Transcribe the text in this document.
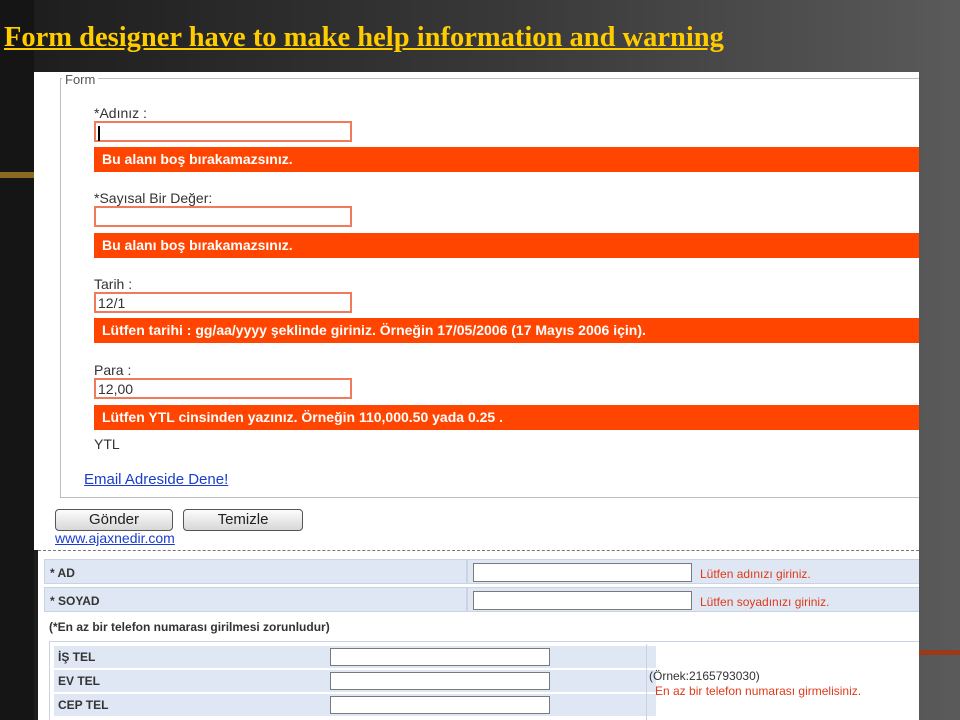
Form designer have to make help information and warning
Form
*Adınız :
Bu alanı boş bırakamazsınız.
*Sayısal Bir Değer:
Bu alanı boş bırakamazsınız.
Tarih :
12/1
Lütfen tarihi : gg/aa/yyyy şeklinde giriniz. Örneğin 17/05/2006 (17 Mayıs 2006 için).
Para :
12,00
Lütfen YTL cinsinden yazınız. Örneğin 110,000.50 yada 0.25 .
YTL
Email Adreside Dene!
Gönder	Temizle
www.ajaxnedir.com
* AD	Lütfen adınızı giriniz.
* SOYAD	Lütfen soyadınızı giriniz.
(*En az bir telefon numarası girilmesi zorunludur)
İŞ TEL
EV TEL
CEP TEL
(Örnek:2165793030)
En az bir telefon numarası girmelisiniz.
